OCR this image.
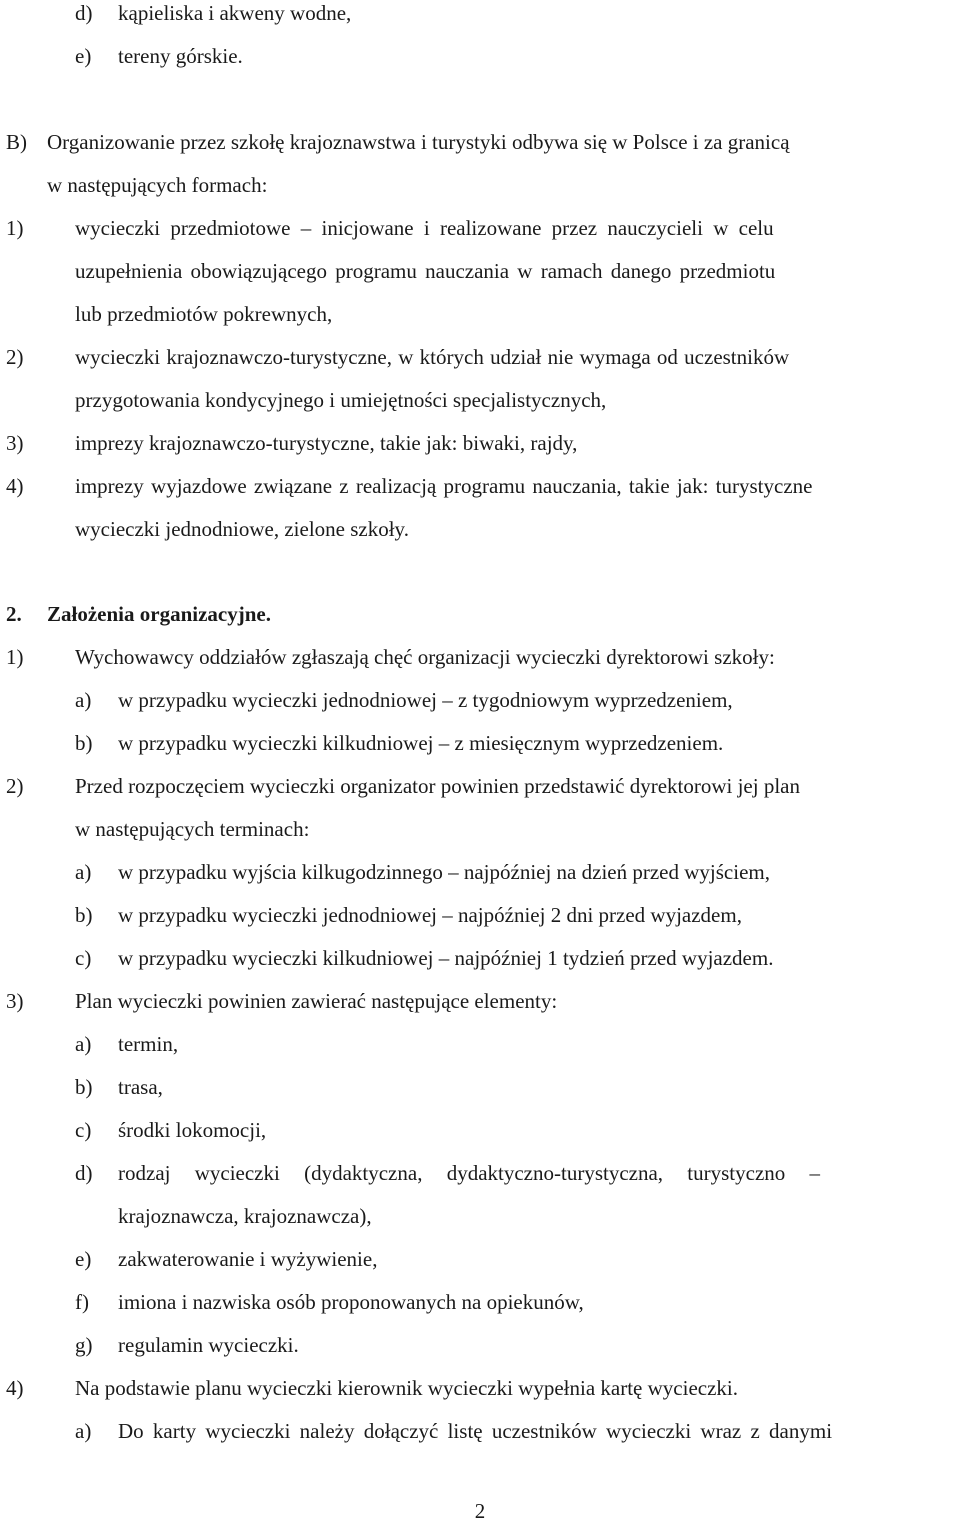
d) kąpieliska i akweny wodne,
e) tereny górskie.
B) Organizowanie przez szkołę krajoznawstwa i turystyki odbywa się w Polsce i za granicą
w następujących formach:
1) wycieczki przedmiotowe – inicjowane i realizowane przez nauczycieli w celu
uzupełnienia obowiązującego programu nauczania w ramach danego przedmiotu
lub przedmiotów pokrewnych,
2) wycieczki krajoznawczo-turystyczne, w których udział nie wymaga od uczestników
przygotowania kondycyjnego i umiejętności specjalistycznych,
3) imprezy krajoznawczo-turystyczne, takie jak: biwaki, rajdy,
4) imprezy wyjazdowe związane z realizacją programu nauczania, takie jak: turystyczne
wycieczki jednodniowe, zielone szkoły.
2. Założenia organizacyjne.
1) Wychowawcy oddziałów zgłaszają chęć organizacji wycieczki dyrektorowi szkoły:
a) w przypadku wycieczki jednodniowej – z tygodniowym wyprzedzeniem,
b) w przypadku wycieczki kilkudniowej – z miesięcznym wyprzedzeniem.
2) Przed rozpoczęciem wycieczki organizator powinien przedstawić dyrektorowi jej plan
w następujących terminach:
a) w przypadku wyjścia kilkugodzinnego – najpóźniej na dzień przed wyjściem,
b) w przypadku wycieczki jednodniowej – najpóźniej 2 dni przed wyjazdem,
c) w przypadku wycieczki kilkudniowej – najpóźniej 1 tydzień przed wyjazdem.
3) Plan wycieczki powinien zawierać następujące elementy:
a) termin,
b) trasa,
c) środki lokomocji,
d) rodzaj wycieczki (dydaktyczna, dydaktyczno-turystyczna, turystyczno –
krajoznawcza, krajoznawcza),
e) zakwaterowanie i wyżywienie,
f) imiona i nazwiska osób proponowanych na opiekunów,
g) regulamin wycieczki.
4) Na podstawie planu wycieczki kierownik wycieczki wypełnia kartę wycieczki.
a) Do karty wycieczki należy dołączyć listę uczestników wycieczki wraz z danymi
2
